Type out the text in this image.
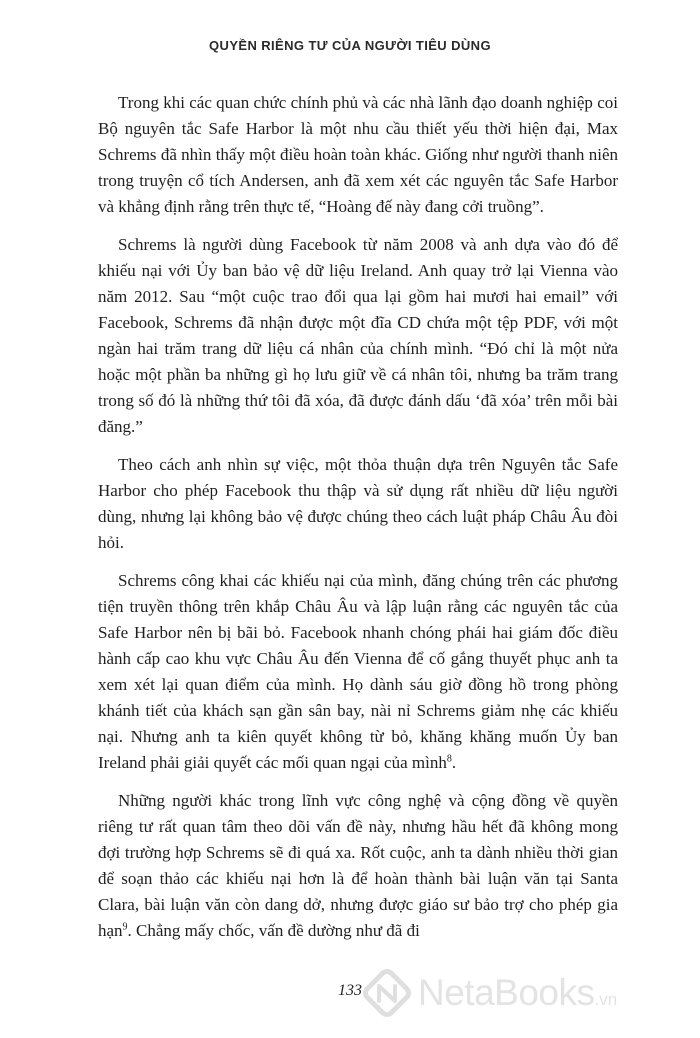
QUYỀN RIÊNG TƯ CỦA NGƯỜI TIÊU DÙNG

Trong khi các quan chức chính phủ và các nhà lãnh đạo doanh nghiệp coi Bộ nguyên tắc Safe Harbor là một nhu cầu thiết yếu thời hiện đại, Max Schrems đã nhìn thấy một điều hoàn toàn khác. Giống như người thanh niên trong truyện cổ tích Andersen, anh đã xem xét các nguyên tắc Safe Harbor và khẳng định rằng trên thực tế, “Hoàng đế này đang cởi truồng”.

Schrems là người dùng Facebook từ năm 2008 và anh dựa vào đó để khiếu nại với Ủy ban bảo vệ dữ liệu Ireland. Anh quay trở lại Vienna vào năm 2012. Sau “một cuộc trao đổi qua lại gồm hai mươi hai email” với Facebook, Schrems đã nhận được một đĩa CD chứa một tệp PDF, với một ngàn hai trăm trang dữ liệu cá nhân của chính mình. “Đó chỉ là một nửa hoặc một phần ba những gì họ lưu giữ về cá nhân tôi, nhưng ba trăm trang trong số đó là những thứ tôi đã xóa, đã được đánh dấu ‘đã xóa’ trên mỗi bài đăng.”

Theo cách anh nhìn sự việc, một thỏa thuận dựa trên Nguyên tắc Safe Harbor cho phép Facebook thu thập và sử dụng rất nhiều dữ liệu người dùng, nhưng lại không bảo vệ được chúng theo cách luật pháp Châu Âu đòi hỏi.

Schrems công khai các khiếu nại của mình, đăng chúng trên các phương tiện truyền thông trên khắp Châu Âu và lập luận rằng các nguyên tắc của Safe Harbor nên bị bãi bỏ. Facebook nhanh chóng phái hai giám đốc điều hành cấp cao khu vực Châu Âu đến Vienna để cố gắng thuyết phục anh ta xem xét lại quan điểm của mình. Họ dành sáu giờ đồng hồ trong phòng khánh tiết của khách sạn gần sân bay, nài nỉ Schrems giảm nhẹ các khiếu nại. Nhưng anh ta kiên quyết không từ bỏ, khăng khăng muốn Ủy ban Ireland phải giải quyết các mối quan ngại của mình$^8$.

Những người khác trong lĩnh vực công nghệ và cộng đồng về quyền riêng tư rất quan tâm theo dõi vấn đề này, nhưng hầu hết đã không mong đợi trường hợp Schrems sẽ đi quá xa. Rốt cuộc, anh ta dành nhiều thời gian để soạn thảo các khiếu nại hơn là để hoàn thành bài luận văn tại Santa Clara, bài luận văn còn dang dở, nhưng được giáo sư bảo trợ cho phép gia hạn$^9$. Chẳng mấy chốc, vấn đề dường như đã đi

133	NetaBooks.vn
